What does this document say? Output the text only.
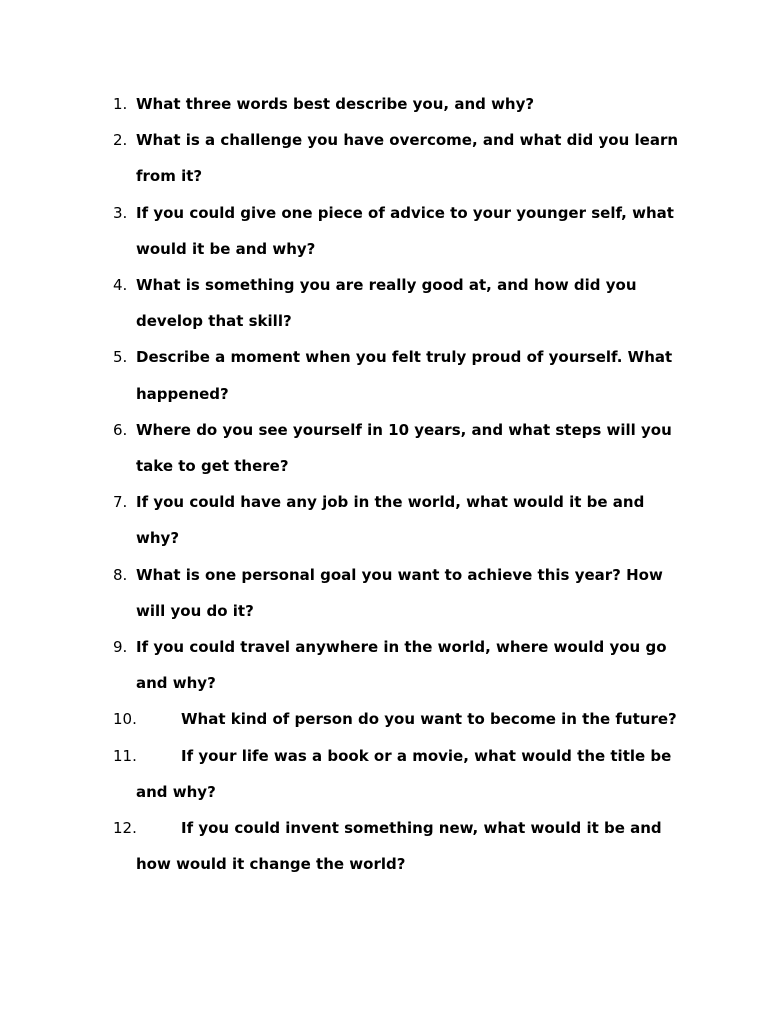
1. What three words best describe you, and why?
2. What is a challenge you have overcome, and what did you learn from it?
3. If you could give one piece of advice to your younger self, what would it be and why?
4. What is something you are really good at, and how did you develop that skill?
5. Describe a moment when you felt truly proud of yourself. What happened?
6. Where do you see yourself in 10 years, and what steps will you take to get there?
7. If you could have any job in the world, what would it be and why?
8. What is one personal goal you want to achieve this year? How will you do it?
9. If you could travel anywhere in the world, where would you go and why?
10.	What kind of person do you want to become in the future?
11.	If your life was a book or a movie, what would the title be and why?
12.	If you could invent something new, what would it be and how would it change the world?
